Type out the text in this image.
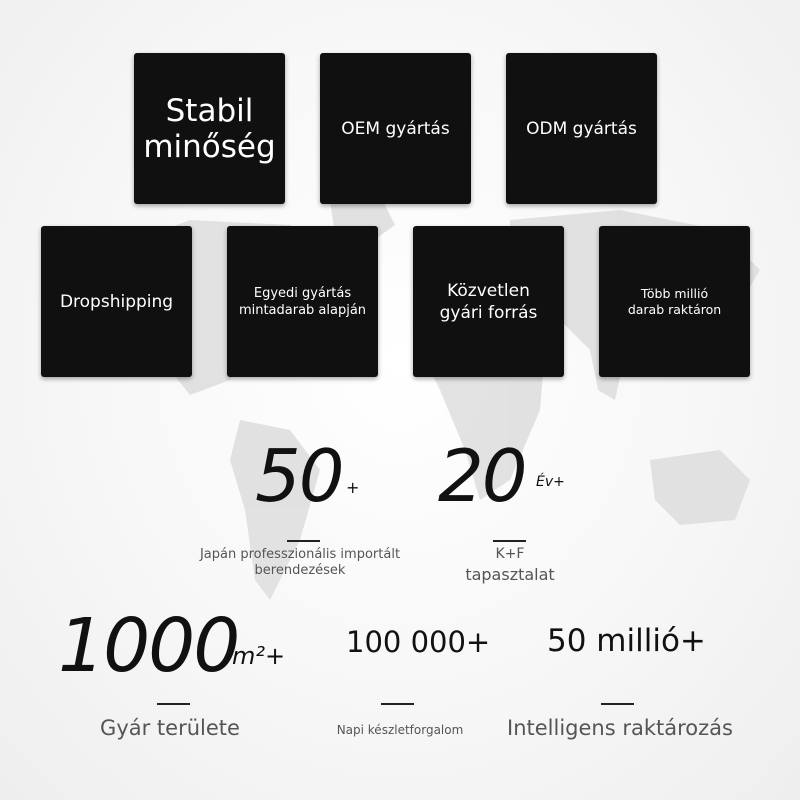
Stabil
minőség	OEM gyártás	ODM gyártás
Dropshipping	Egyedi gyártás
mintadarab alapján
Közvetlen
gyári forrás
Több millió
darab raktáron
50 +
Japán professzionális importált
berendezések
20 Év+
K+F
tapasztalat
1000
m²+
Gyár területe
100 000+
Napi készletforgalom
50 millió+
Intelligens raktározás
